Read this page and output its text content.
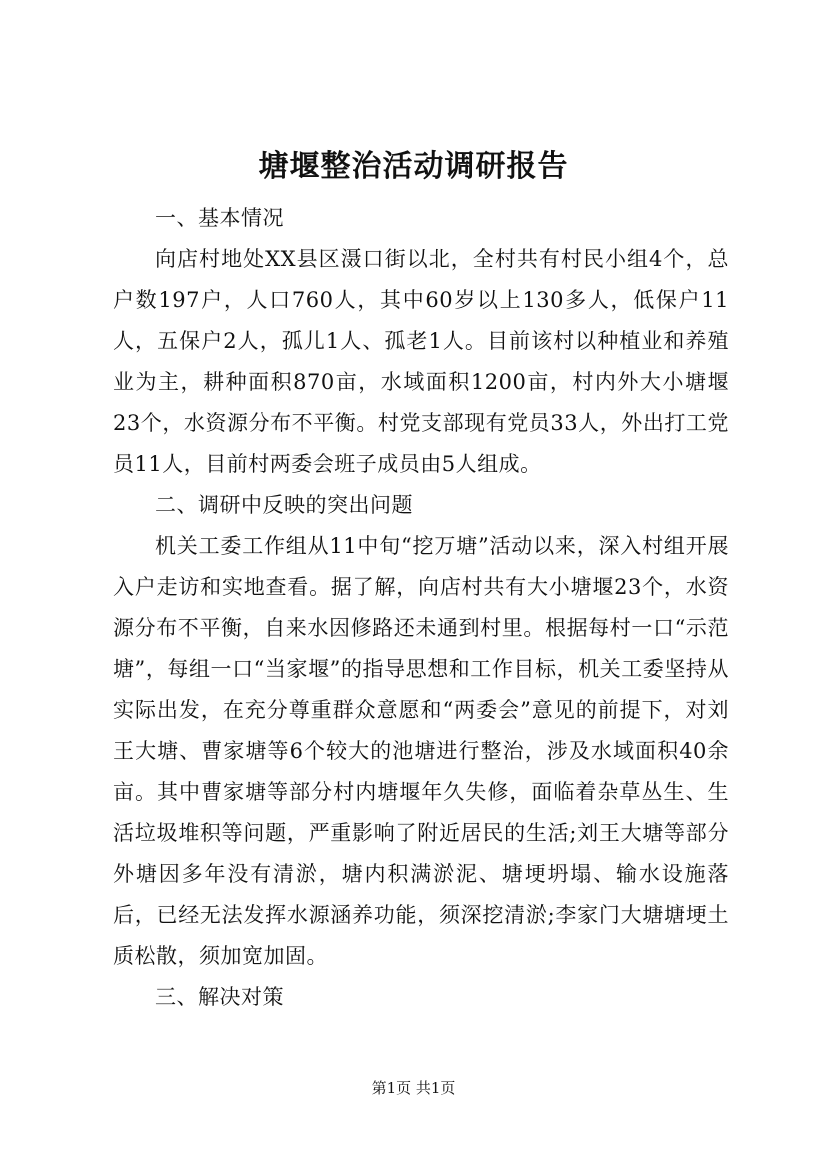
塘堰整治活动调研报告

一、基本情况

向店村地处XX县区滠口街以北，全村共有村民小组4个，总户数197户，人口760人，其中60岁以上130多人，低保户11人，五保户2人，孤儿1人、孤老1人。目前该村以种植业和养殖业为主，耕种面积870亩，水域面积1200亩，村内外大小塘堰23个，水资源分布不平衡。村党支部现有党员33人，外出打工党员11人，目前村两委会班子成员由5人组成。

二、调研中反映的突出问题

机关工委工作组从11中旬“挖万塘”活动以来，深入村组开展入户走访和实地查看。据了解，向店村共有大小塘堰23个，水资源分布不平衡，自来水因修路还未通到村里。根据每村一口“示范塘”，每组一口“当家堰”的指导思想和工作目标，机关工委坚持从实际出发，在充分尊重群众意愿和“两委会”意见的前提下，对刘王大塘、曹家塘等6个较大的池塘进行整治，涉及水域面积40余亩。其中曹家塘等部分村内塘堰年久失修，面临着杂草丛生、生活垃圾堆积等问题，严重影响了附近居民的生活;刘王大塘等部分外塘因多年没有清淤，塘内积满淤泥、塘埂坍塌、输水设施落后，已经无法发挥水源涵养功能，须深挖清淤;李家门大塘塘埂土质松散，须加宽加固。

三、解决对策

第1页 共1页
